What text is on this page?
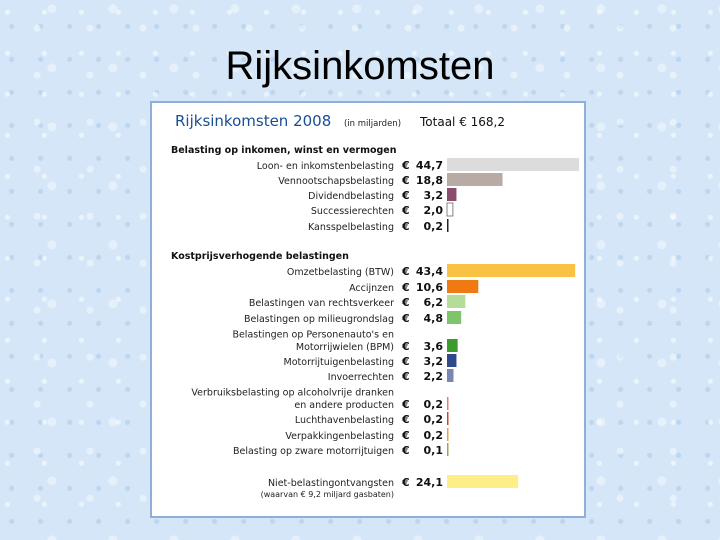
Rijksinkomsten
Rijksinkomsten 2008 (in miljarden) Totaal € 168,2
Belasting op inkomen, winst en vermogen
Loon- en inkomstenbelasting € 44,7
Vennootschapsbelasting € 18,8
Dividendbelasting € 3,2
Successierechten € 2,0
Kansspelbelasting € 0,2
Kostprijsverhogende belastingen
Omzetbelasting (BTW) € 43,4
Accijnzen € 10,6
Belastingen van rechtsverkeer € 6,2
Belastingen op milieugrondslag € 4,8
Belastingen op Personenauto's en
Motorrijwielen (BPM) € 3,6
Motorrijtuigenbelasting € 3,2
Invoerrechten € 2,2
Verbruiksbelasting op alcoholvrije dranken
en andere producten € 0,2
Luchthavenbelasting € 0,2
Verpakkingenbelasting € 0,2
Belasting op zware motorrijtuigen € 0,1
Niet-belastingontvangsten
(waarvan € 9,2 miljard gasbaten)
€ 24,1
